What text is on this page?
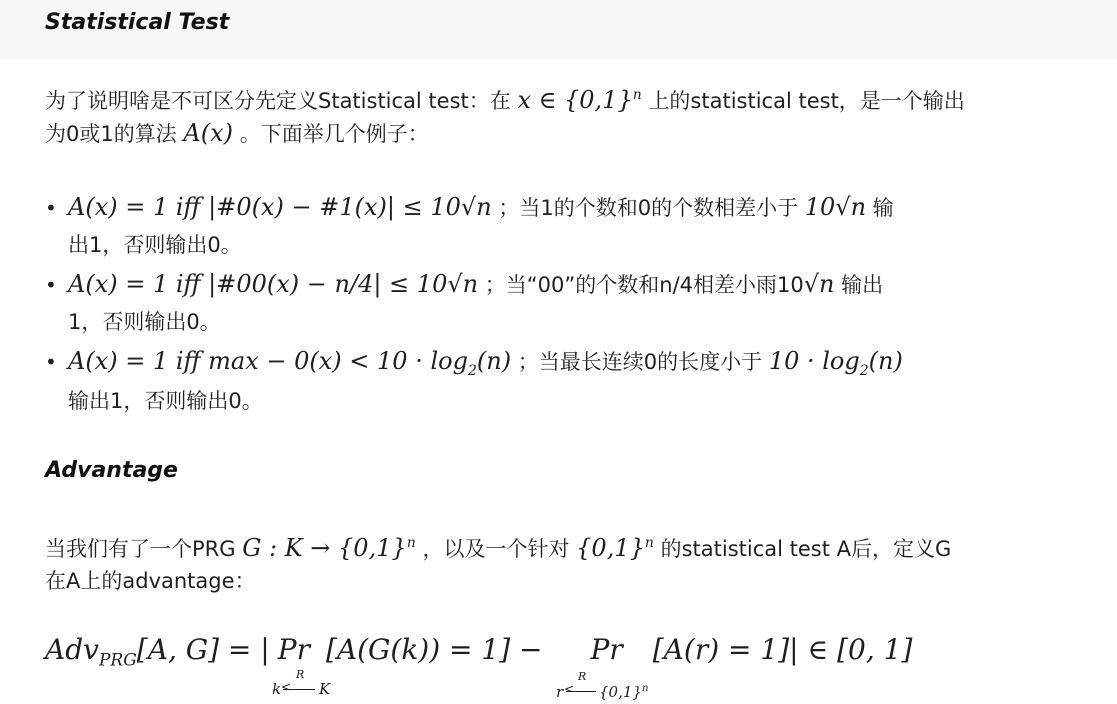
Statistical Test

为了说明啥是不可区分先定义Statistical test：在 x ∈ $\{0,1\}^n$ 上的statistical test，是一个输出

为0或1的算法 A(x) 。下面举几个例子：

• A(x) = 1 iff |#0(x) − #1(x)| ≤ 10√n ；当1的个数和0的个数相差小于 10√n 输
出1，否则输出0。
• A(x) = 1 iff |#00(x) − n/4| ≤ 10√n ；当“00”的个数和n/4相差小雨10√n 输出
1，否则输出0。
• A(x) = 1 iff $\max - 0(x) < 10 \cdot \log_2(n)$ ；当最长连续0的长度小于 $10 \cdot \log_2(n)$
输出1，否则输出0。
Advantage

当我们有了一个PRG G : $K \to \{0,1\}^n$ ，以及一个针对 $\{0,1\}^n$ 的statistical test A后，定义G

在A上的advantage：

Adv$_{PRG}$[A, G] = | Pr [A(G(k)) = 1] − Pr [A(r) = 1]| ∈ [0, 1]
k
R
< K	r
R
< $\{0,1\}^n$
